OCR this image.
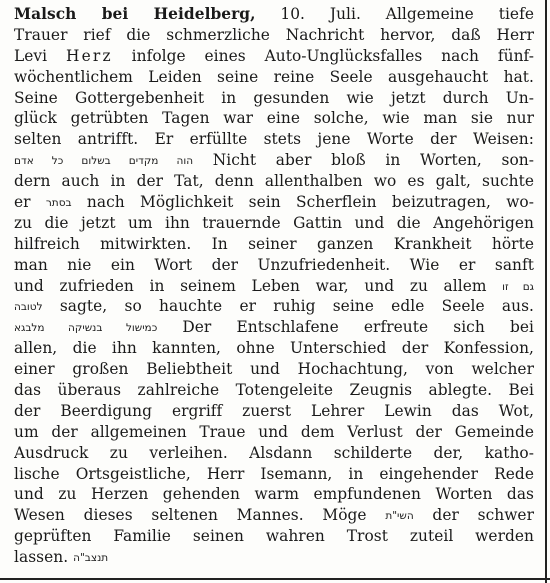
Malsch bei Heidelberg, 10. Juli. Allgemeine tiefe
Trauer rief die schmerzliche Nachricht hervor, daß Herr
Levi Herz infolge eines Auto-Unglücksfalles nach fünf-
wöchentlichem Leiden seine reine Seele ausgehaucht hat.
Seine Gottergebenheit in gesunden wie jetzt durch Un-
glück getrübten Tagen war eine solche, wie man sie nur
selten antrifft. Er erfüllte stets jene Worte der Weisen:
הוה מקדים בשלום כל אדם Nicht aber bloß in Worten, son-
dern auch in der Tat, denn allenthalben wo es galt, suchte
er בסתר nach Möglichkeit sein Scherflein beizutragen, wo-
zu die jetzt um ihn trauernde Gattin und die Angehörigen
hilfreich mitwirkten. In seiner ganzen Krankheit hörte
man nie ein Wort der Unzufriedenheit. Wie er sanft
und zufrieden in seinem Leben war, und zu allem גם זו
לטובה sagte, so hauchte er ruhig seine edle Seele aus.
כמישול בנשיקה מלבגא Der Entschlafene erfreute sich bei
allen, die ihn kannten, ohne Unterschied der Konfession,
einer großen Beliebtheit und Hochachtung, von welcher
das überaus zahlreiche Totengeleite Zeugnis ablegte. Bei
der Beerdigung ergriff zuerst Lehrer Lewin das Wot,
um der allgemeinen Traue und dem Verlust der Gemeinde
Ausdruck zu verleihen. Alsdann schilderte der, katho-
lische Ortsgeistliche, Herr Isemann, in eingehender Rede
und zu Herzen gehenden warm empfundenen Worten das
Wesen dieses seltenen Mannes. Möge השי"ת der schwer
geprüften Familie seinen wahren Trost zuteil werden
lassen. תנצב"ה
